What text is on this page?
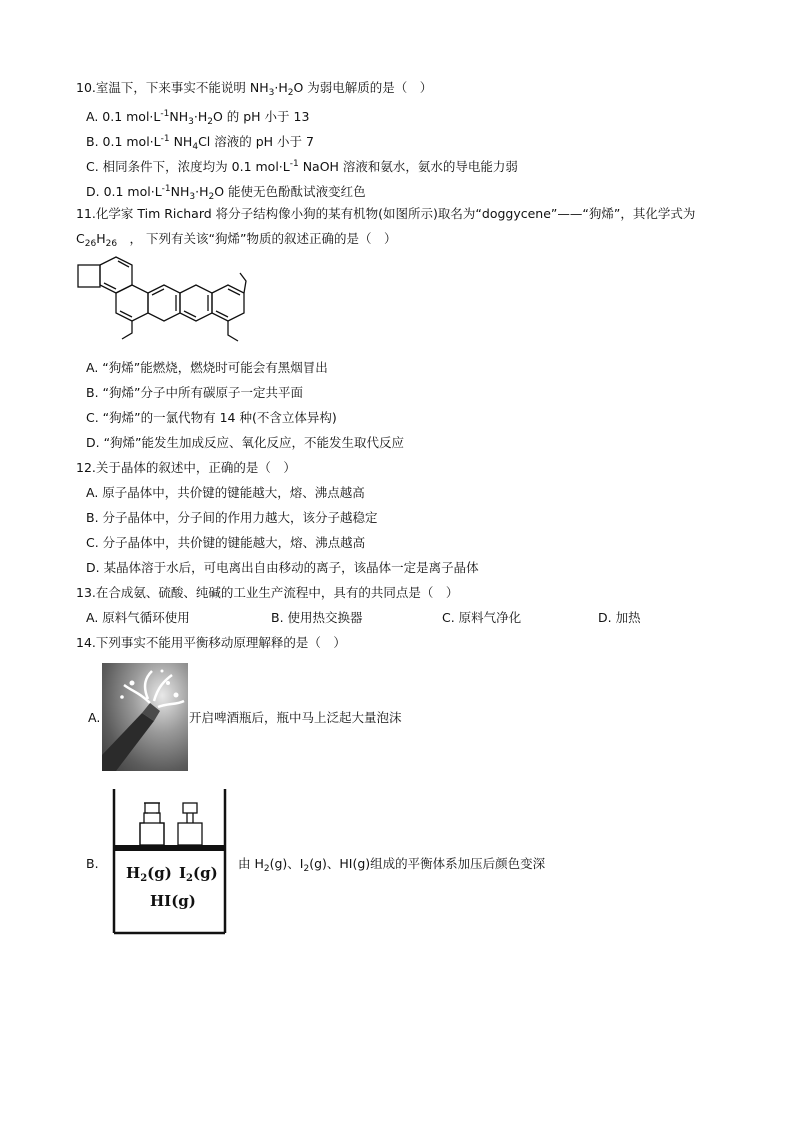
10.室温下，下来事实不能说明 $NH_3\cdot H_2O$ 为弱电解质的是（　）
A. 0.1 $mol\cdot L^{-1}NH_3\cdot H_2O$ 的 pH 小于 13
B. 0.1 $mol\cdot L^{-1}$ $NH_4Cl$ 溶液的 pH 小于 7
C. 相同条件下，浓度均为 0.1 $mol\cdot L^{-1}$ NaOH 溶液和氨水，氨水的导电能力弱
D. 0.1 $mol\cdot L^{-1}NH_3\cdot H_2O$ 能使无色酚酞试液变红色
11.化学家 Tim Richard 将分子结构像小狗的某有机物(如图所示)取名为“doggycene”——“狗烯”，其化学式为
$C_{26}H_{26}$　， 下列有关该“狗烯”物质的叙述正确的是（　）
A. “狗烯”能燃烧，燃烧时可能会有黑烟冒出
B. “狗烯”分子中所有碳原子一定共平面
C. “狗烯”的一氯代物有 14 种(不含立体异构)
D. “狗烯”能发生加成反应、氧化反应，不能发生取代反应
12.关于晶体的叙述中，正确的是（　）
A. 原子晶体中，共价键的键能越大，熔、沸点越高
B. 分子晶体中，分子间的作用力越大，该分子越稳定
C. 分子晶体中，共价键的键能越大，熔、沸点越高
D. 某晶体溶于水后，可电离出自由移动的离子，该晶体一定是离子晶体
13.在合成氨、硫酸、纯碱的工业生产流程中，具有的共同点是（　）
A. 原料气循环使用	B. 使用热交换器	C. 原料气净化	D. 加热
14.下列事实不能用平衡移动原理解释的是（　）
A.	开启啤酒瓶后，瓶中马上泛起大量泡沫
B.
$H_2(g)$ $I_2(g)$
HI(g)
由 $H_2(g)$、$I_2(g)$、HI(g)组成的平衡体系加压后颜色变深
